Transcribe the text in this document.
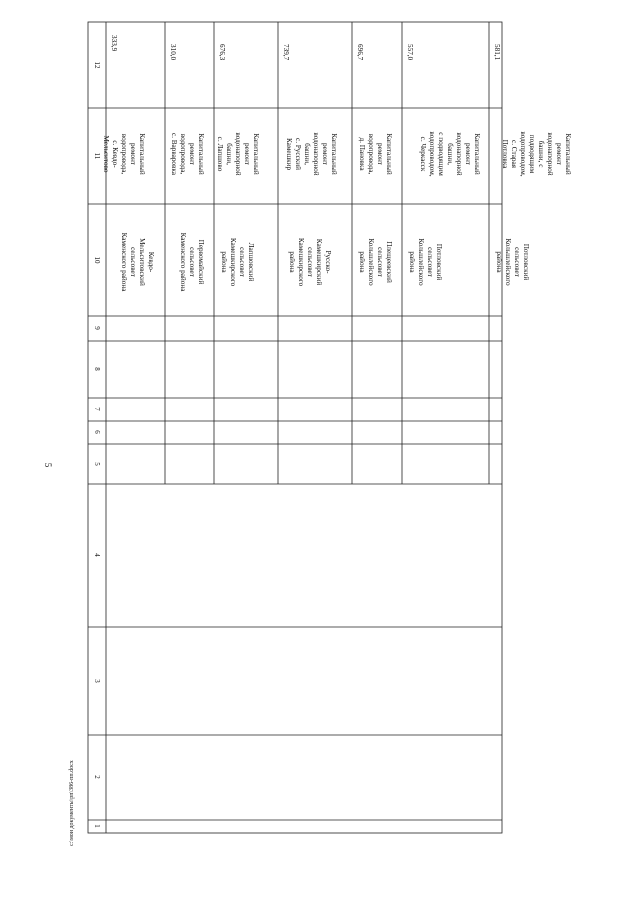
5
c:\мои документы\рп\386-пп.docx
12
11
10
9
8
7
6
5
4
3
2
1
333,9
Капитальный
ремонт
водопровода,
с. Кевдо-
Мельситово
Кевдо-
Мельситовский
сельсовет
Каменского района
310,0
Капитальный
ремонт
водопровода,
с. Варваровка
Первомайский
сельсовет
Каменского района
676,3
Капитальный
ремонт
водонапорной
башни,
с. Лапшово
Лапшовский
сельсовет
Камешкирского
района
739,7
Капитальный
ремонт
водонапорной
башни,
с. Русский
Камешкир
Русско-
Камешкирский
сельсовет
Камешкирского
района
696,7
Капитальный
ремонт
водопровода,
д. Пановка
Плещеевский
сельсовет
Кольшлейского
района
557,0
Капитальный
ремонт
водонапорной
башни,
с подводящим
водопроводом,
с. Черкасск
Потловский
сельсовет
Кольшлейского
района
581,1
Капитальный
ремонт
водонапорной
башни, с
подводящим
водопроводом,
с. Старая
Потловка
Потловский
сельсовет
Кольшлейского
района
